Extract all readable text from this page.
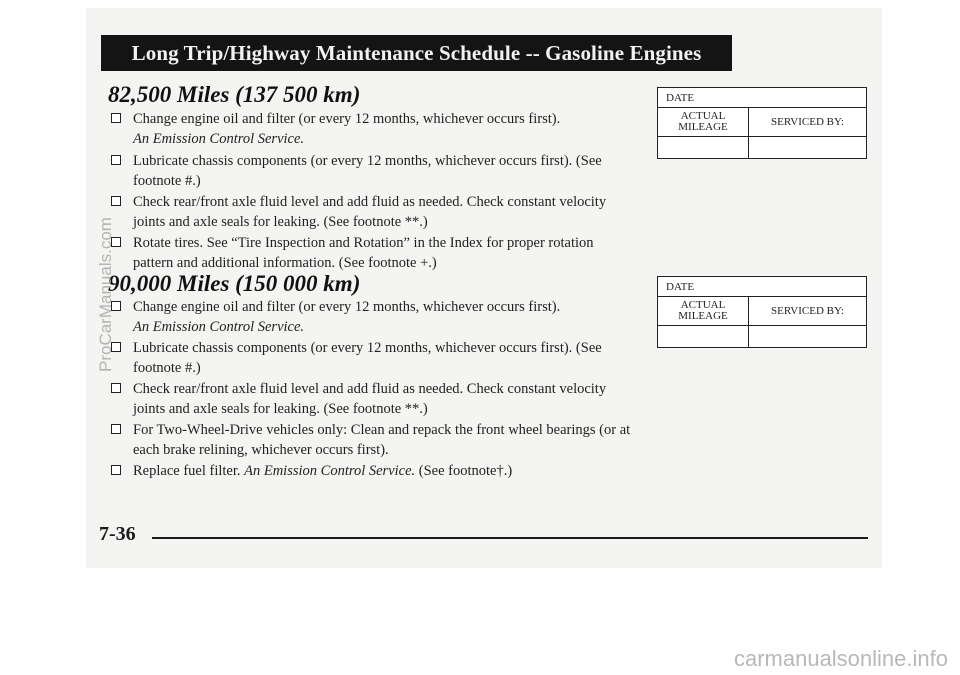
Long Trip/Highway Maintenance Schedule -- Gasoline Engines
82,500 Miles (137 500 km)
Change engine oil and filter (or every 12 months, whichever occurs first).
An Emission Control Service.
Lubricate chassis components (or every 12 months, whichever occurs first). (See footnote #.)
Check rear/front axle fluid level and add fluid as needed. Check constant velocity joints and axle seals for leaking. (See footnote **.)
Rotate tires. See “Tire Inspection and Rotation” in the Index for proper rotation pattern and additional information. (See footnote +.)
DATE	
ACTUAL
MILEAGE	SERVICED BY:

90,000 Miles (150 000 km)
Change engine oil and filter (or every 12 months, whichever occurs first).
An Emission Control Service.
Lubricate chassis components (or every 12 months, whichever occurs first). (See footnote #.)
Check rear/front axle fluid level and add fluid as needed. Check constant velocity joints and axle seals for leaking. (See footnote **.)
For Two-Wheel-Drive vehicles only: Clean and repack the front wheel bearings (or at each brake relining, whichever occurs first).
Replace fuel filter. An Emission Control Service. (See footnote†.)
DATE	
ACTUAL
MILEAGE	SERVICED BY:

7-36
ProCarManuals.com
carmanualsonline.info
